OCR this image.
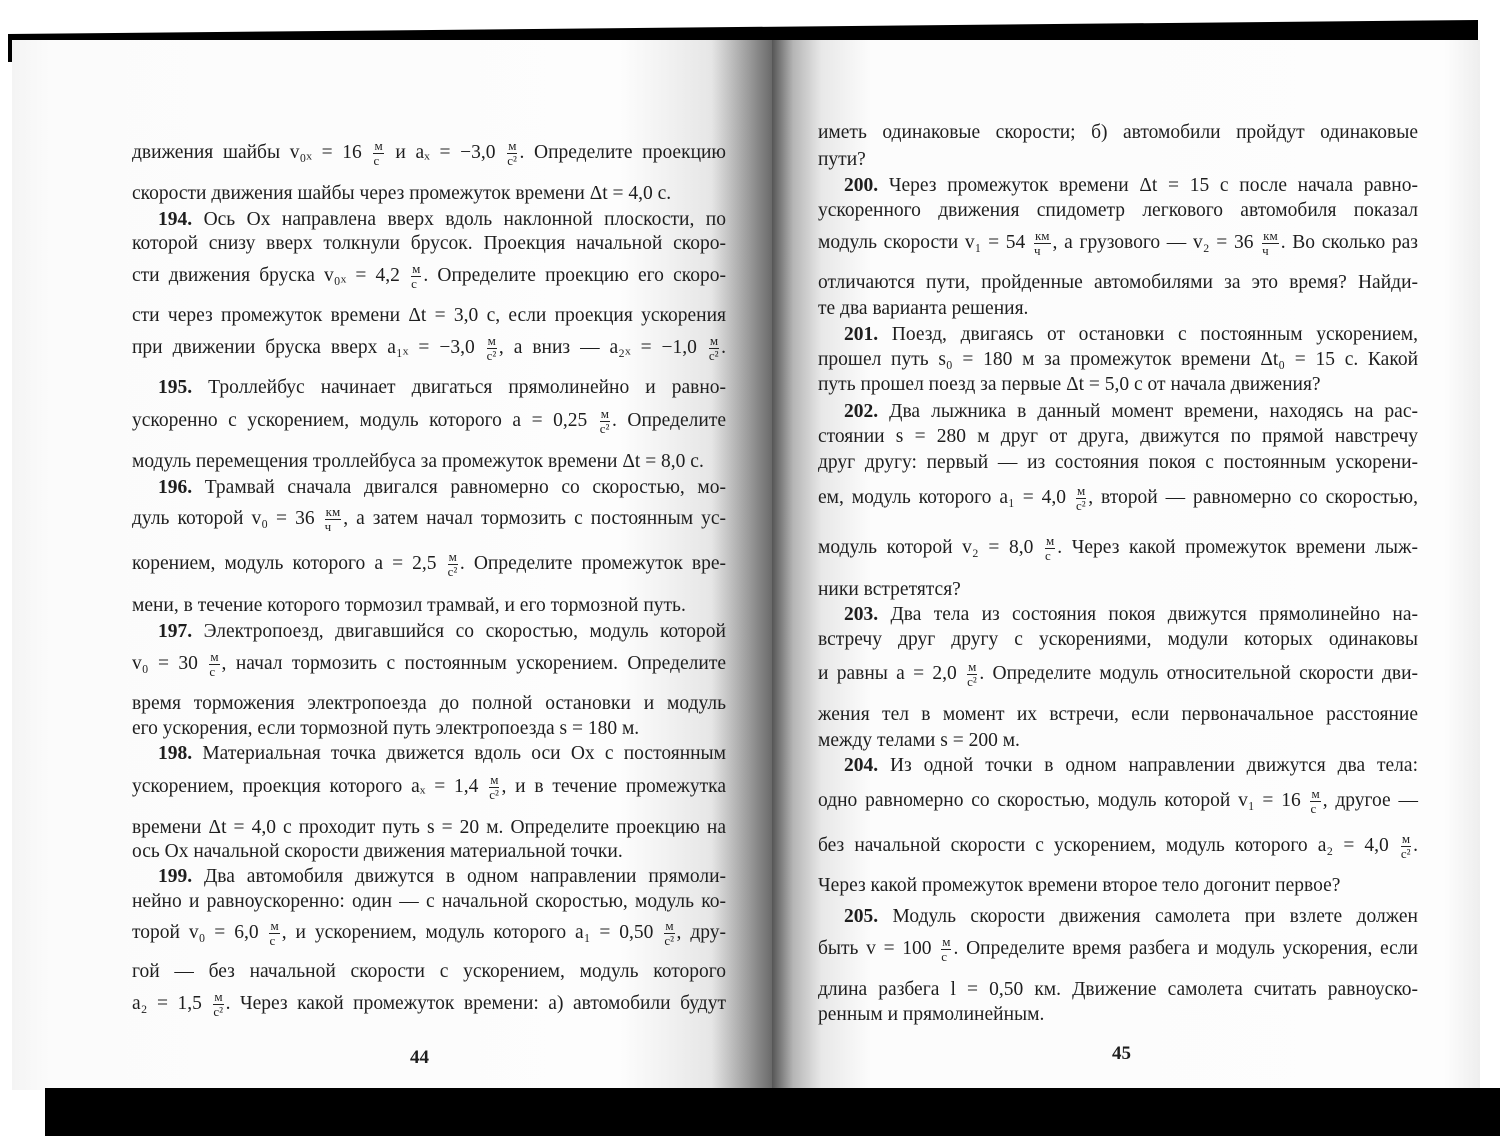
44
движения шайбы $v_{0x} = 16 \frac{м}{с}$ и $a_x = -3,0 \frac{м}{\text{с²}}$ . Определите проекцию
скорости движения шайбы через промежуток времени Δt = 4,0 с.
194. Ось Ox направлена вверх вдоль наклонной плоскости, по
которой снизу вверх толкнули брусок. Проекция начальной скоро-
сти движения бруска $v_{0x} = 4,2 \frac{м}{с}$ . Определите проекцию его скоро-
сти через промежуток времени Δt = 3,0 с, если проекция ускорения
при движении бруска вверх $a_{1x} = -3,0 \frac{м}{\text{с²}}$ , а вниз — $a_{2x} = -1,0 \frac{м}{\text{с²}}$ .
195. Троллейбус начинает двигаться прямолинейно и равно-
ускоренно с ускорением, модуль которого $a = 0,25 \frac{м}{\text{с²}}$ . Определите
модуль перемещения троллейбуса за промежуток времени Δt = 8,0 с.
196. Трамвай сначала двигался равномерно со скоростью, мо-
дуль которой $v_0 = 36 \frac{км}{ч}$ , а затем начал тормозить с постоянным ус-
корением, модуль которого $a = 2,5 \frac{м}{\text{с²}}$ . Определите промежуток вре-
мени, в течение которого тормозил трамвай, и его тормозной путь.
197. Электропоезд, двигавшийся со скоростью, модуль которой
$v_0 = 30 \frac{м}{с}$ , начал тормозить с постоянным ускорением. Определите
время торможения электропоезда до полной остановки и модуль
его ускорения, если тормозной путь электропоезда s = 180 м.
198. Материальная точка движется вдоль оси Ox с постоянным
ускорением, проекция которого $a_x = 1,4 \frac{м}{\text{с²}}$ , и в течение промежутка
времени Δt = 4,0 с проходит путь s = 20 м. Определите проекцию на
ось Ox начальной скорости движения материальной точки.
199. Два автомобиля движутся в одном направлении прямоли-
нейно и равноускоренно: один — с начальной скоростью, модуль ко-
торой $v_0 = 6,0 \frac{м}{с}$ , и ускорением, модуль которого $a_1 = 0,50 \frac{м}{\text{с²}}$ , дру-
гой — без начальной скорости с ускорением, модуль которого
$a_2 = 1,5 \frac{м}{\text{с²}}$ . Через какой промежуток времени: а) автомобили будут
45
иметь одинаковые скорости; б) автомобили пройдут одинаковые
пути?
200. Через промежуток времени Δt = 15 с после начала равно-
ускоренного движения спидометр легкового автомобиля показал
модуль скорости $v_1 = 54 \frac{км}{ч}$ , а грузового — $v_2 = 36 \frac{км}{ч}$ . Во сколько раз
отличаются пути, пройденные автомобилями за это время? Найди-
те два варианта решения.
201. Поезд, двигаясь от остановки с постоянным ускорением,
прошел путь s₀ = 180 м за промежуток времени Δt₀ = 15 с. Какой
путь прошел поезд за первые Δt = 5,0 с от начала движения?
202. Два лыжника в данный момент времени, находясь на рас-
стоянии s = 280 м друг от друга, движутся по прямой навстречу
друг другу: первый — из состояния покоя с постоянным ускорени-
ем, модуль которого $a_1 = 4,0 \frac{м}{\text{с²}}$ , второй — равномерно со скоростью,
модуль которой $v_2 = 8,0 \frac{м}{с}$ . Через какой промежуток времени лыж-
ники встретятся?
203. Два тела из состояния покоя движутся прямолинейно на-
встречу друг другу с ускорениями, модули которых одинаковы
и равны $a = 2,0 \frac{м}{\text{с²}}$ . Определите модуль относительной скорости дви-
жения тел в момент их встречи, если первоначальное расстояние
между телами s = 200 м.
204. Из одной точки в одном направлении движутся два тела:
одно равномерно со скоростью, модуль которой $v_1 = 16 \frac{м}{с}$ , другое —
без начальной скорости с ускорением, модуль которого $a_2 = 4,0 \frac{м}{\text{с²}}$ .
Через какой промежуток времени второе тело догонит первое?
205. Модуль скорости движения самолета при взлете должен
быть $v = 100 \frac{м}{с}$ . Определите время разбега и модуль ускорения, если
длина разбега l = 0,50 км. Движение самолета считать равноуско-
ренным и прямолинейным.
